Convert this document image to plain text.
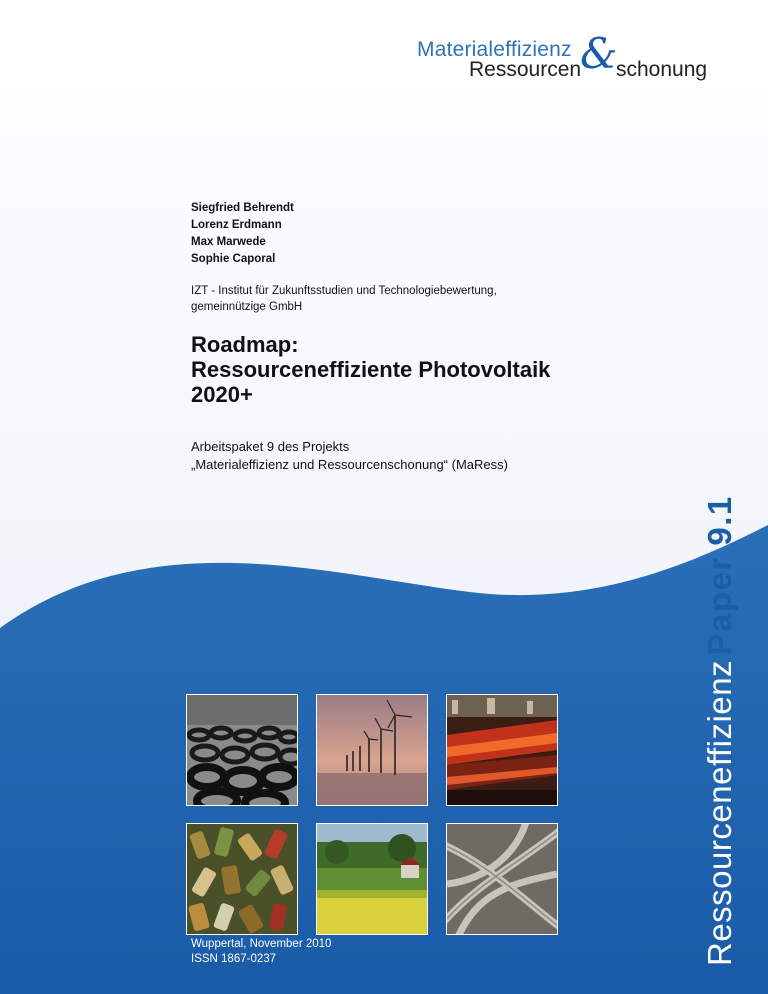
Materialeffizienz &
Ressourcen schonung
Siegfried Behrendt
Lorenz Erdmann
Max Marwede
Sophie Caporal
IZT - Institut für Zukunftsstudien und Technologiebewertung,
gemeinnützige GmbH
Roadmap:
Ressourceneffiziente Photovoltaik
2020+
Arbeitspaket 9 des Projekts
„Materialeffizienz und Ressourcenschonung“ (MaRess)
Ressourceneffizienz Paper 9.1
Wuppertal, November 2010
ISSN 1867-0237
